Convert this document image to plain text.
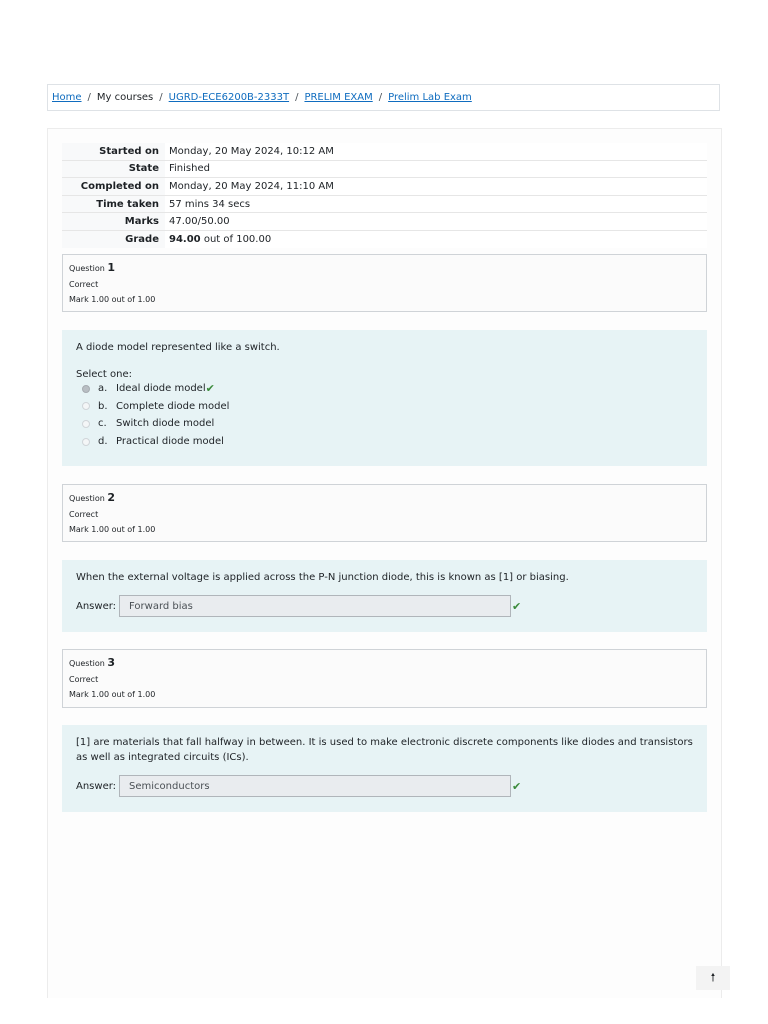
Home / My courses / UGRD-ECE6200B-2333T / PRELIM EXAM / Prelim Lab Exam
Started on	Monday, 20 May 2024, 10:12 AM
State	Finished
Completed on	Monday, 20 May 2024, 11:10 AM
Time taken	57 mins 34 secs
Marks	47.00/50.00
Grade	94.00 out of 100.00
Question 1
Correct
Mark 1.00 out of 1.00
A diode model represented like a switch.
Select one:
a. Ideal diode model ✔
b. Complete diode model
c. Switch diode model
d. Practical diode model
Question 2
Correct
Mark 1.00 out of 1.00
When the external voltage is applied across the P-N junction diode, this is known as [1] or biasing.
Answer:	Forward bias	✔
Question 3
Correct
Mark 1.00 out of 1.00
[1] are materials that fall halfway in between. It is used to make electronic discrete components like diodes and transistors as well as integrated circuits (ICs).
Answer:	Semiconductors	✔
🠕
